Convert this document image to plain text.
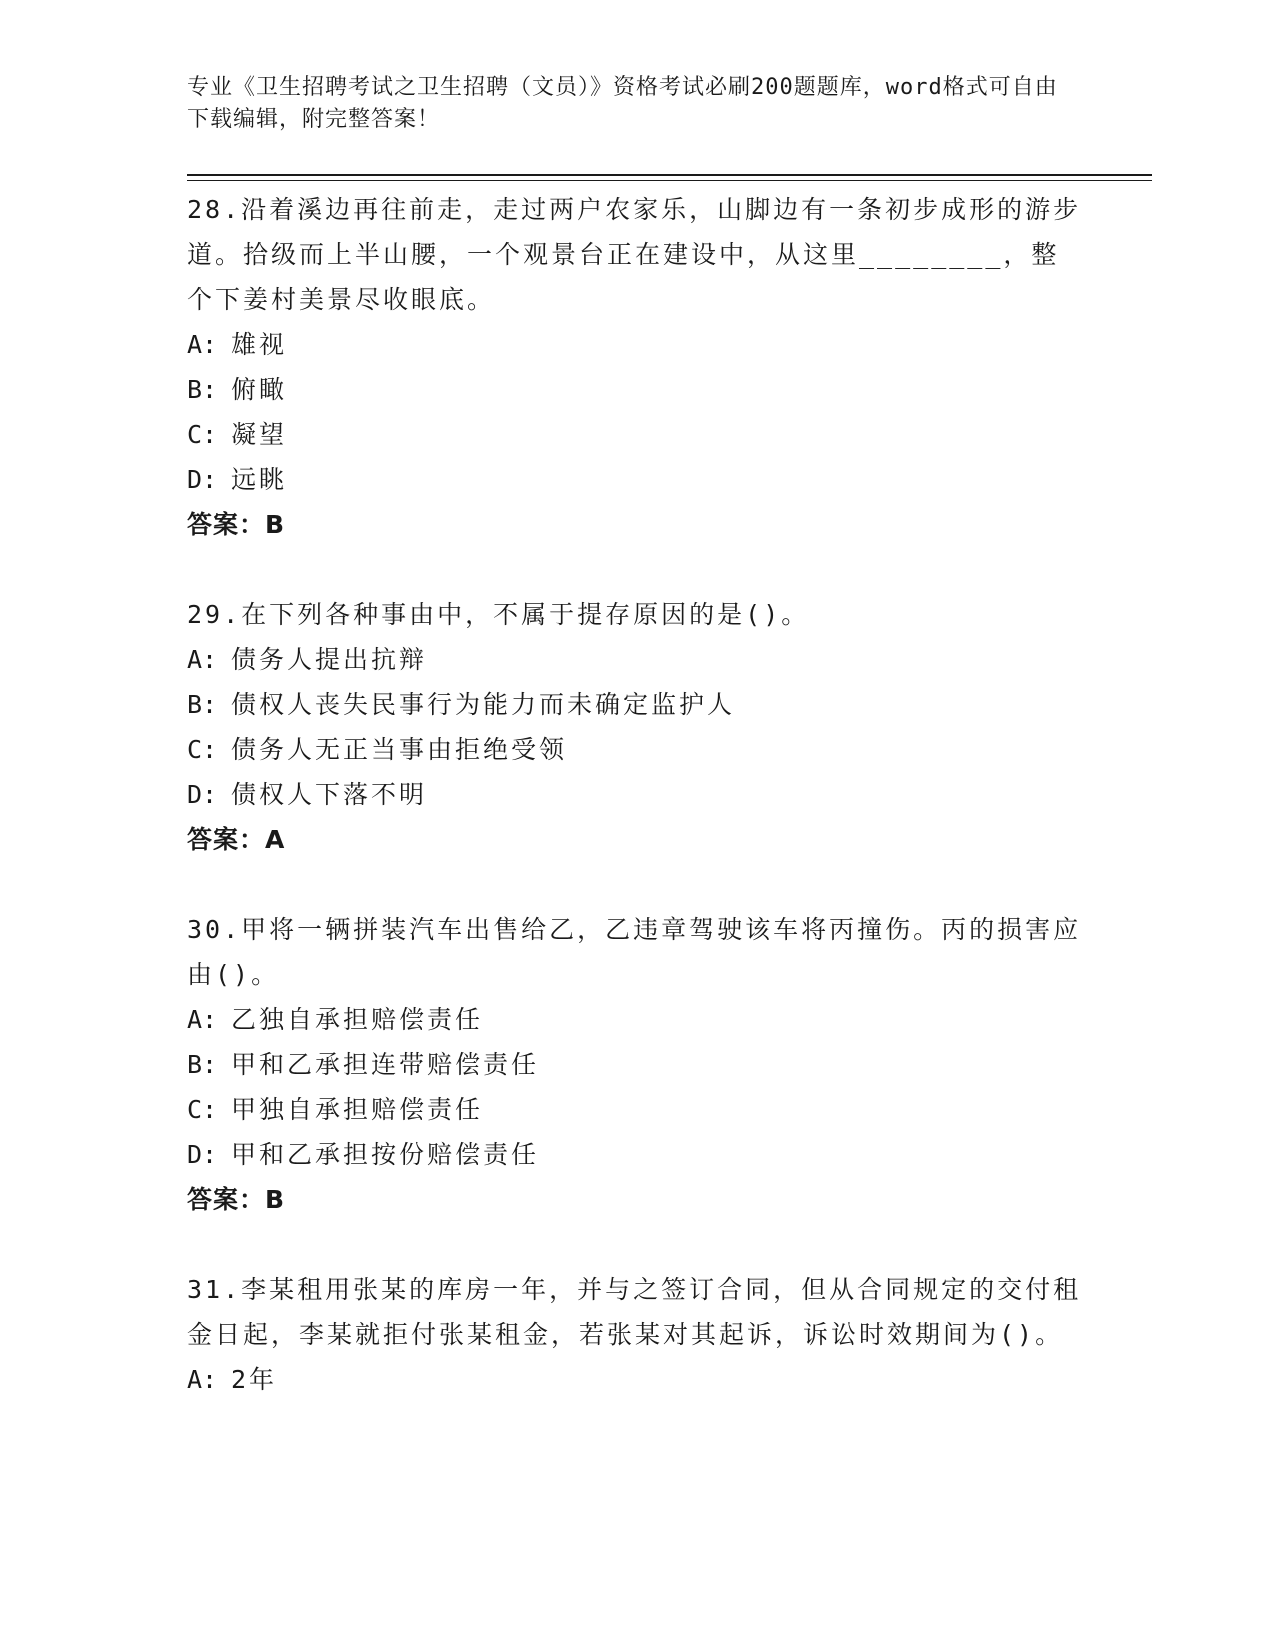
专业《卫生招聘考试之卫生招聘（文员）》资格考试必刷200题题库，word格式可自由下载编辑，附完整答案！

28.沿着溪边再往前走，走过两户农家乐，山脚边有一条初步成形的游步道。拾级而上半山腰，一个观景台正在建设中，从这里________，整个下姜村美景尽收眼底。

A: 雄视

B: 俯瞰

C: 凝望

D: 远眺

答案：B

29.在下列各种事由中，不属于提存原因的是()。

A: 债务人提出抗辩

B: 债权人丧失民事行为能力而未确定监护人

C: 债务人无正当事由拒绝受领

D: 债权人下落不明

答案：A

30.甲将一辆拼装汽车出售给乙，乙违章驾驶该车将丙撞伤。丙的损害应由()。

A: 乙独自承担赔偿责任

B: 甲和乙承担连带赔偿责任

C: 甲独自承担赔偿责任

D: 甲和乙承担按份赔偿责任

答案：B

31.李某租用张某的库房一年，并与之签订合同，但从合同规定的交付租金日起，李某就拒付张某租金，若张某对其起诉，诉讼时效期间为()。

A: 2年
